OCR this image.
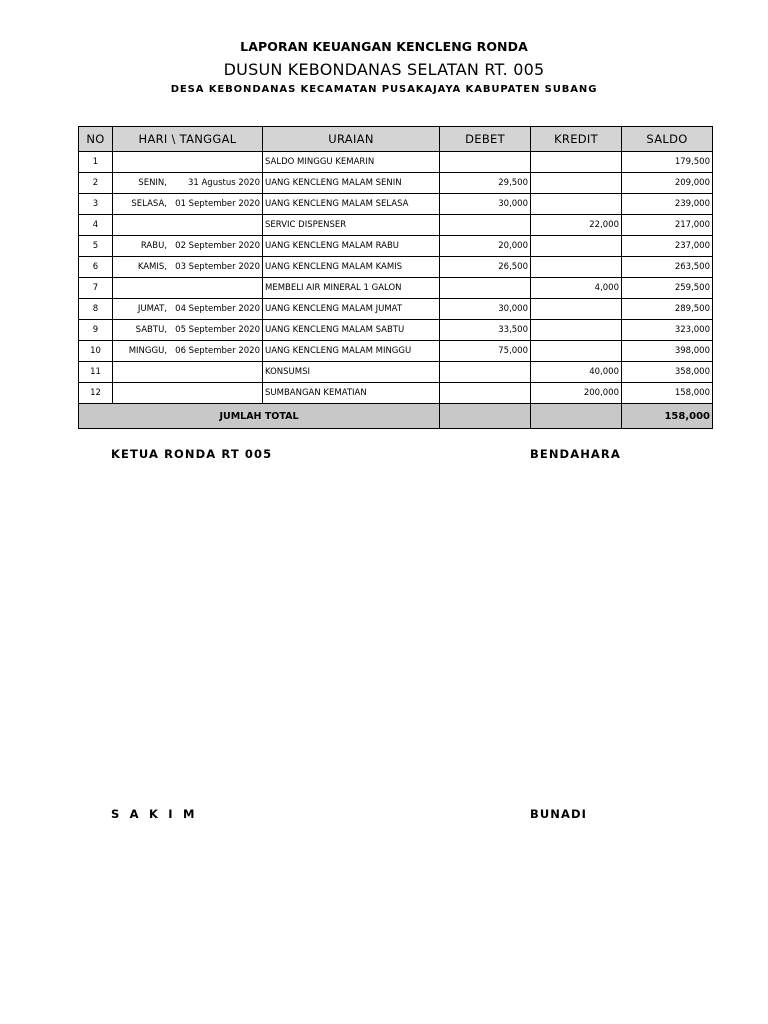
LAPORAN KEUANGAN KENCLENG RONDA
DUSUN KEBONDANAS SELATAN RT. 005
DESA KEBONDANAS KECAMATAN PUSAKAJAYA KABUPATEN SUBANG
NO	HARI \ TANGGAL	URAIAN	DEBET	KREDIT	SALDO
1		SALDO MINGGU KEMARIN			179,500
2	SENIN, 31 Agustus 2020	UANG KENCLENG MALAM SENIN	29,500		209,000
3	SELASA, 01 September 2020	UANG KENCLENG MALAM SELASA	30,000		239,000
4		SERVIC DISPENSER		22,000	217,000
5	RABU, 02 September 2020	UANG KENCLENG MALAM RABU	20,000		237,000
6	KAMIS, 03 September 2020	UANG KENCLENG MALAM KAMIS	26,500		263,500
7		MEMBELI AIR MINERAL 1 GALON		4,000	259,500
8	JUMAT, 04 September 2020	UANG KENCLENG MALAM JUMAT	30,000		289,500
9	SABTU, 05 September 2020	UANG KENCLENG MALAM SABTU	33,500		323,000
10	MINGGU, 06 September 2020	UANG KENCLENG MALAM MINGGU	75,000		398,000
11		KONSUMSI		40,000	358,000
12		SUMBANGAN KEMATIAN		200,000	158,000
JUMLAH TOTAL					158,000
KETUA RONDA RT 005	BENDAHARA
S A K I M	BUNADI
